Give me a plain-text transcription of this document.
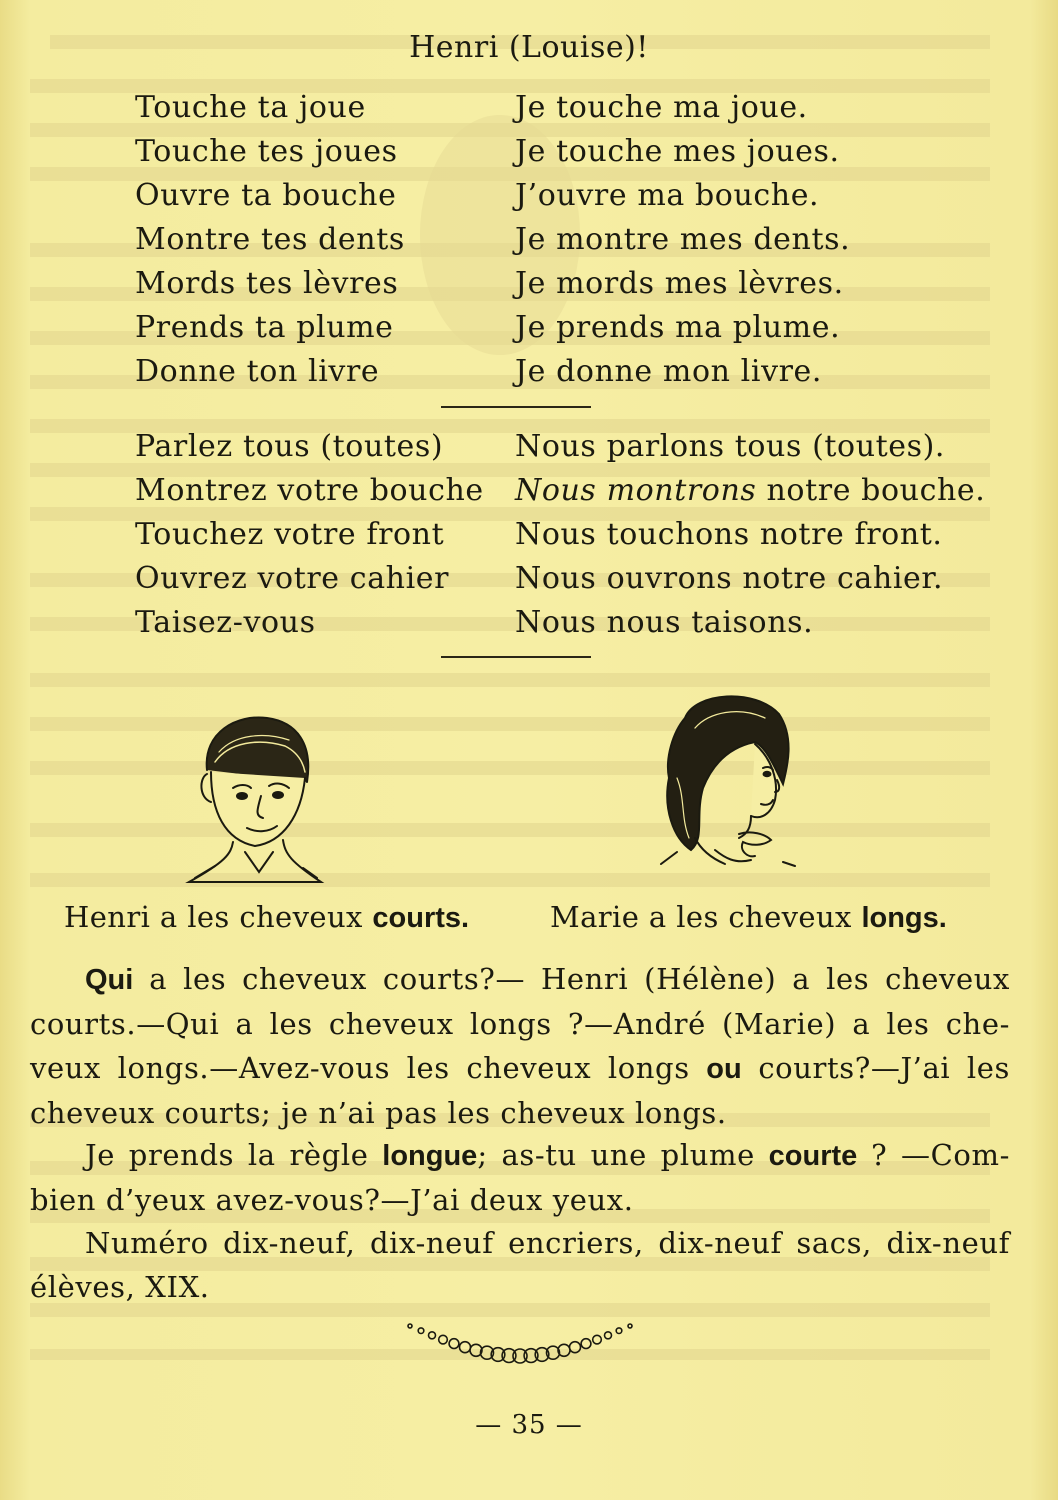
Henri (Louise)!
Touche ta joue	Je touche ma joue.
Touche tes joues	Je touche mes joues.
Ouvre ta bouche	J’ouvre ma bouche.
Montre tes dents	Je montre mes dents.
Mords tes lèvres	Je mords mes lèvres.
Prends ta plume	Je prends ma plume.
Donne ton livre	Je donne mon livre.
Parlez tous (toutes)	Nous parlons tous (toutes).
Montrez votre bouche	Nous montrons notre bouche.
Touchez votre front	Nous touchons notre front.
Ouvrez votre cahier	Nous ouvrons notre cahier.
Taisez-vous	Nous nous taisons.
Henri a les cheveux courts.	Marie a les cheveux longs.
Qui a les cheveux courts?— Henri (Hélène) a les cheveux
courts.—Qui a les cheveux longs ?—André (Marie) a les che-
veux longs.—Avez-vous les cheveux longs ou courts?—J’ai les
cheveux courts; je n’ai pas les cheveux longs.
Je prends la règle longue; as-tu une plume courte ? —Com-
bien d’yeux avez-vous?—J’ai deux yeux.
Numéro dix-neuf, dix-neuf encriers, dix-neuf sacs, dix-neuf
élèves, XIX.
— 35 —
